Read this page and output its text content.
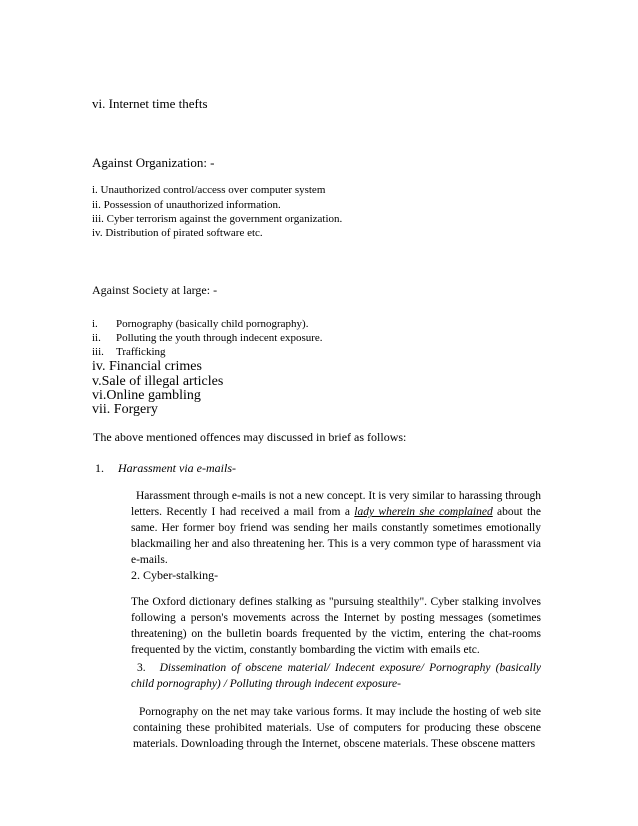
vi. Internet time thefts
Against Organization: -
i. Unauthorized control/access over computer system
ii. Possession of unauthorized information.
iii. Cyber terrorism against the government organization.
iv. Distribution of pirated software etc.
Against Society at large: -
i. Pornography (basically child pornography).
ii. Polluting the youth through indecent exposure.
iii. Trafficking
iv. Financial crimes
v.Sale of illegal articles
vi.Online gambling
vii. Forgery
The above mentioned offences may discussed in brief as follows:
1. Harassment via e-mails-

Harassment through e-mails is not a new concept. It is very similar to harassing through letters. Recently I had received a mail from a lady wherein she complained about the same. Her former boy friend was sending her mails constantly sometimes emotionally blackmailing her and also threatening her. This is a very common type of harassment via e-mails.

2. Cyber-stalking-

The Oxford dictionary defines stalking as "pursuing stealthily". Cyber stalking involves following a person's movements across the Internet by posting messages (sometimes threatening) on the bulletin boards frequented by the victim, entering the chat-rooms frequented by the victim, constantly bombarding the victim with emails etc.

3. Dissemination of obscene material/ Indecent exposure/ Pornography (basically child pornography) / Polluting through indecent exposure-

Pornography on the net may take various forms. It may include the hosting of web site containing these prohibited materials. Use of computers for producing these obscene materials. Downloading through the Internet, obscene materials. These obscene matters
